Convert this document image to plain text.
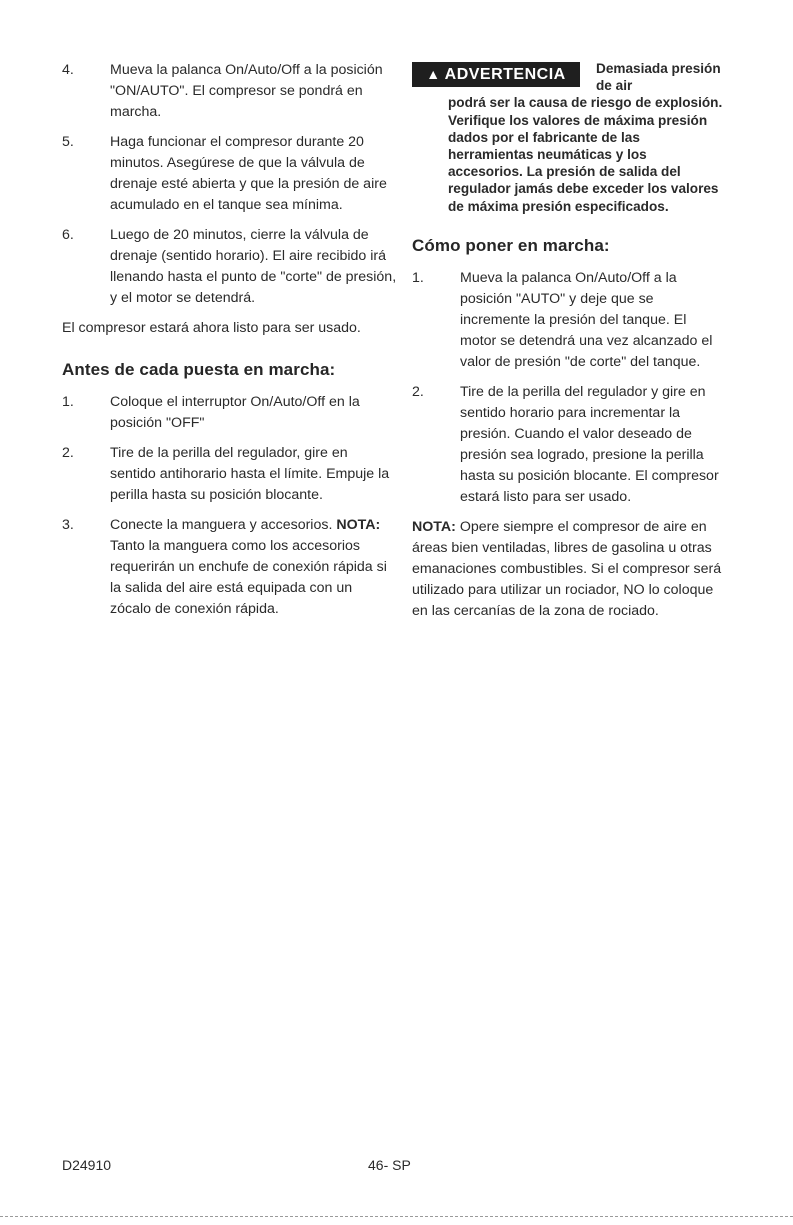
4.	Mueva la palanca On/Auto/Off a la posición "ON/AUTO". El compresor se pondrá en marcha.
5.	Haga funcionar el compresor durante 20 minutos. Asegúrese de que la válvula de drenaje esté abierta y que la presión de aire acumulado en el tanque sea mínima.
6.	Luego de 20 minutos, cierre la válvula de drenaje (sentido horario). El aire recibido irá llenando hasta el punto de "corte" de presión, y el motor se detendrá.

El compresor estará ahora listo para ser usado.

Antes de cada puesta en marcha:
1.	Coloque el interruptor On/Auto/Off en la posición "OFF"
2.	Tire de la perilla del regulador, gire en sentido antihorario hasta el límite. Empuje la perilla hasta su posición blocante.
3.	Conecte la manguera y accesorios. NOTA: Tanto la manguera como los accesorios requerirán un enchufe de conexión rápida si la salida del aire está equipada con un zócalo de conexión rápida.
▲ ADVERTENCIA	Demasiada presión de air
podrá ser la causa de riesgo de explosión. Verifique los valores de máxima presión dados por el fabricante de las herramientas neumáticas y los accesorios. La presión de salida del regulador jamás debe exceder los valores de máxima presión especificados.
Cómo poner en marcha:
1.	Mueva la palanca On/Auto/Off a la posición "AUTO" y deje que se incremente la presión del tanque. El motor se detendrá una vez alcanzado el valor de presión "de corte" del tanque.
2.	Tire de la perilla del regulador y gire en sentido horario para incrementar la presión. Cuando el valor deseado de presión sea logrado, presione la perilla hasta su posición blocante. El compresor estará listo para ser usado.

NOTA: Opere siempre el compresor de aire en áreas bien ventiladas, libres de gasolina u otras emanaciones combustibles. Si el compresor será utilizado para utilizar un rociador, NO lo coloque en las cercanías de la zona de rociado.

D24910	46- SP
